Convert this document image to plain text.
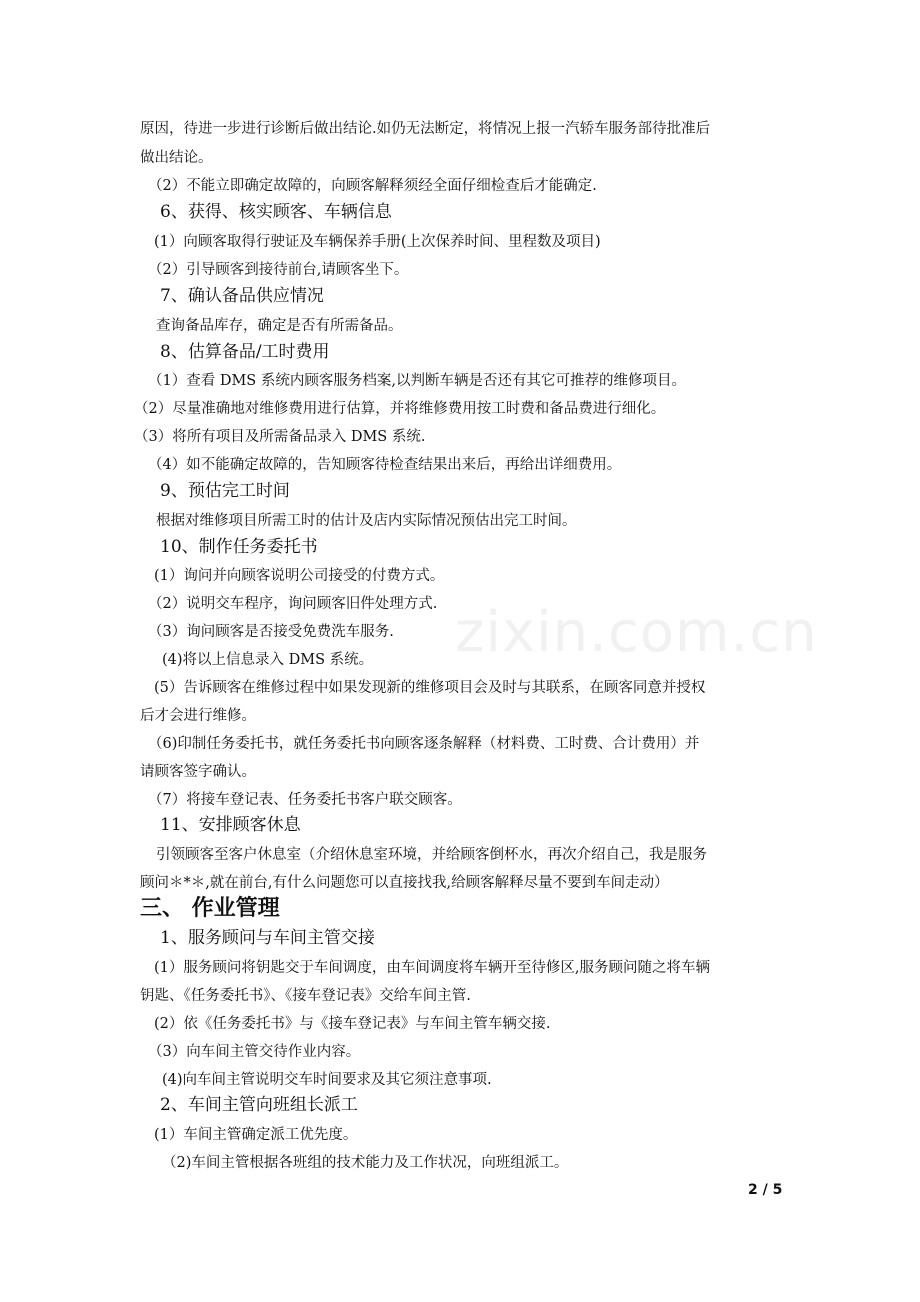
原因，待进一步进行诊断后做出结论.如仍无法断定，将情况上报一汽轿车服务部待批准后
做出结论。
（2）不能立即确定故障的，向顾客解释须经全面仔细检查后才能确定.
6、获得、核实顾客、车辆信息
(1）向顾客取得行驶证及车辆保养手册(上次保养时间、里程数及项目)
（2）引导顾客到接待前台,请顾客坐下。
7、确认备品供应情况
查询备品库存，确定是否有所需备品。
8、估算备品/工时费用
（1）查看 DMS 系统内顾客服务档案,以判断车辆是否还有其它可推荐的维修项目。
（2）尽量准确地对维修费用进行估算，并将维修费用按工时费和备品费进行细化。
（3）将所有项目及所需备品录入 DMS 系统.
（4）如不能确定故障的，告知顾客待检查结果出来后，再给出详细费用。
9、预估完工时间
根据对维修项目所需工时的估计及店内实际情况预估出完工时间。
10、制作任务委托书
(1）询问并向顾客说明公司接受的付费方式。
（2）说明交车程序，询问顾客旧件处理方式.
（3）询问顾客是否接受免费洗车服务.
(4)将以上信息录入 DMS 系统。
(5）告诉顾客在维修过程中如果发现新的维修项目会及时与其联系，在顾客同意并授权
后才会进行维修。
（6)印制任务委托书，就任务委托书向顾客逐条解释（材料费、工时费、合计费用）并
请顾客签字确认。
（7）将接车登记表、任务委托书客户联交顾客。
11、安排顾客休息
引领顾客至客户休息室（介绍休息室环境，并给顾客倒杯水，再次介绍自己，我是服务
顾问＊*＊,就在前台,有什么问题您可以直接找我,给顾客解释尽量不要到车间走动）
三、 作业管理
1、服务顾问与车间主管交接
(1）服务顾问将钥匙交于车间调度，由车间调度将车辆开至待修区,服务顾问随之将车辆
钥匙、《任务委托书》、《接车登记表》交给车间主管.
(2）依《任务委托书》与《接车登记表》与车间主管车辆交接.
（3）向车间主管交待作业内容。
(4)向车间主管说明交车时间要求及其它须注意事项.
2、车间主管向班组长派工
(1）车间主管确定派工优先度。
（2)车间主管根据各班组的技术能力及工作状况，向班组派工。
zixin.com.cn
2 / 5
